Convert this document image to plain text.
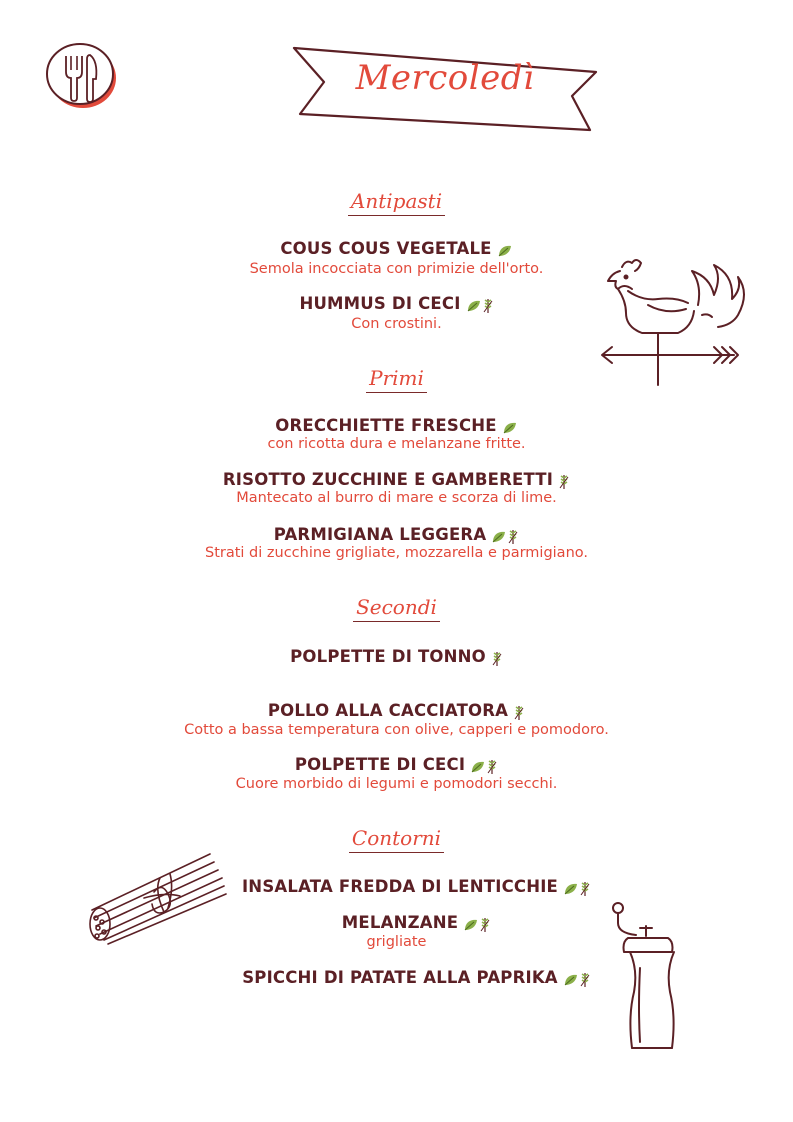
Mercoledì
Antipasti
COUS COUS VEGETALE
Semola incocciata con primizie dell'orto.
HUMMUS DI CECI
Con crostini.
Primi
ORECCHIETTE FRESCHE
con ricotta dura e melanzane fritte.
RISOTTO ZUCCHINE E GAMBERETTI
Mantecato al burro di mare e scorza di lime.
PARMIGIANA LEGGERA
Strati di zucchine grigliate, mozzarella e parmigiano.
Secondi
POLPETTE DI TONNO
POLLO ALLA CACCIATORA
Cotto a bassa temperatura con olive, capperi e pomodoro.
POLPETTE DI CECI
Cuore morbido di legumi e pomodori secchi.
Contorni
INSALATA FREDDA DI LENTICCHIE
MELANZANE
grigliate
SPICCHI DI PATATE ALLA PAPRIKA
